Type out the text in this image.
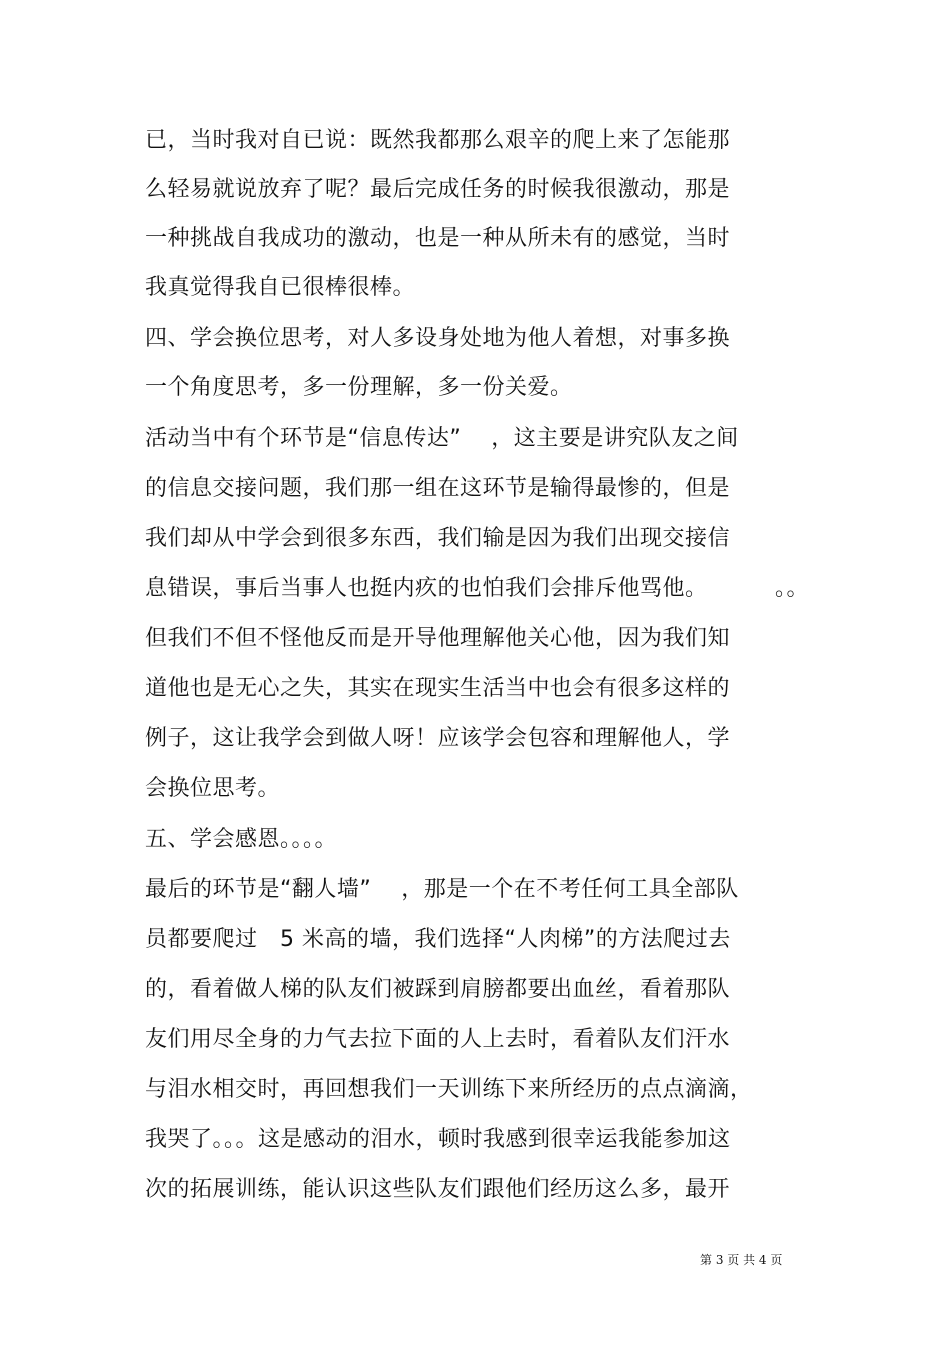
已，当时我对自已说：既然我都那么艰辛的爬上来了怎能那
么轻易就说放弃了呢？最后完成任务的时候我很激动，那是
一种挑战自我成功的激动，也是一种从所未有的感觉，当时
我真觉得我自已很棒很棒。
四、学会换位思考，对人多设身处地为他人着想，对事多换
一个角度思考，多一份理解，多一份关爱。
活动当中有个环节是“信息传达”    ，这主要是讲究队友之间
的信息交接问题，我们那一组在这环节是输得最惨的，但是
我们却从中学会到很多东西，我们输是因为我们出现交接信
息错误，事后当事人也挺内疚的也怕我们会排斥他骂他。         。。
但我们不但不怪他反而是开导他理解他关心他，因为我们知
道他也是无心之失，其实在现实生活当中也会有很多这样的
例子，这让我学会到做人呀！应该学会包容和理解他人，学
会换位思考。
五、学会感恩。。。。
最后的环节是“翻人墙”    ，那是一个在不考任何工具全部队
员都要爬过   5 米高的墙，我们选择“人肉梯”的方法爬过去
的，看着做人梯的队友们被踩到肩膀都要出血丝，看着那队
友们用尽全身的力气去拉下面的人上去时，看着队友们汗水
与泪水相交时，再回想我们一天训练下来所经历的点点滴滴，
我哭了。。。这是感动的泪水，顿时我感到很幸运我能参加这
次的拓展训练，能认识这些队友们跟他们经历这么多，最开
第 3 页 共 4 页
